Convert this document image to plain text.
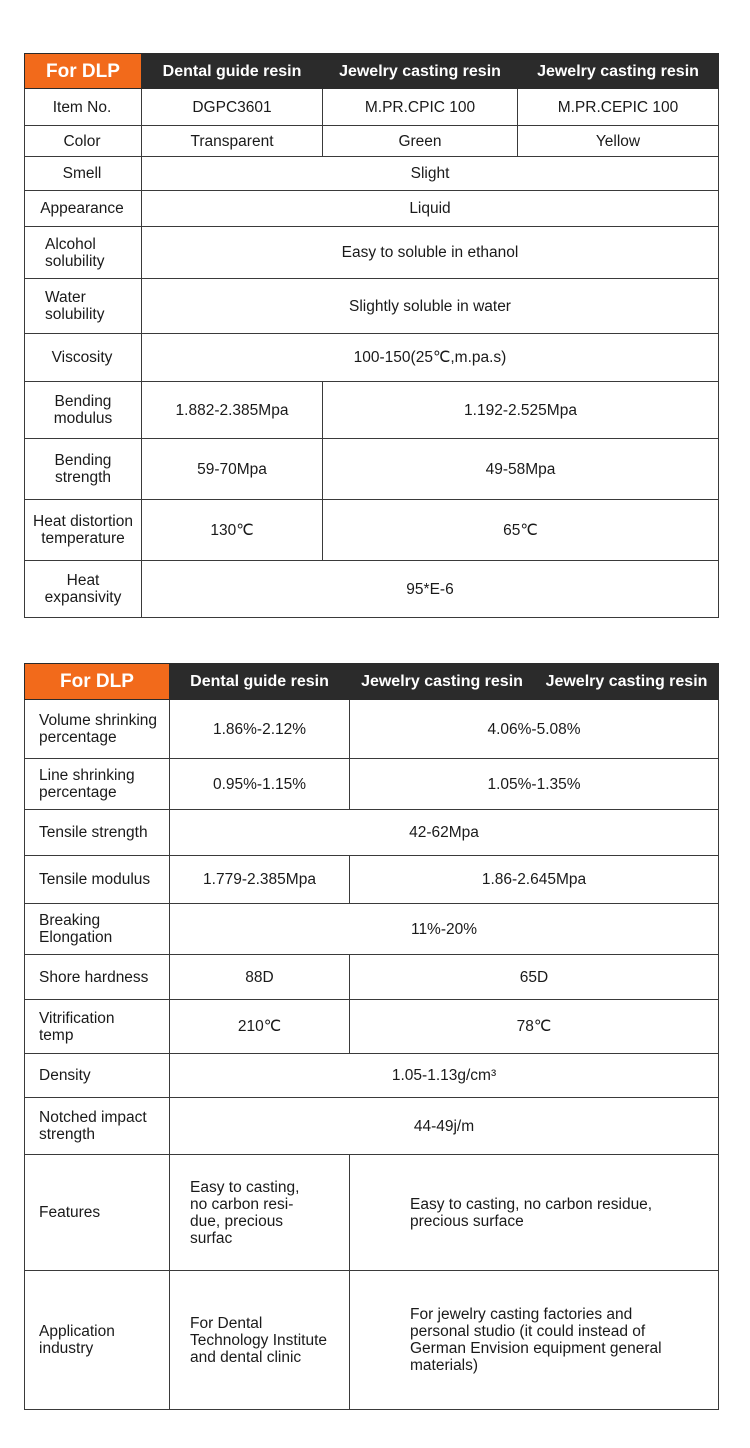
For DLP	Dental guide resin	Jewelry casting resin	Jewelry casting resin
Item No.	DGPC3601	M.PR.CPIC 100	M.PR.CEPIC 100
Color	Transparent	Green	Yellow
Smell	Slight		
Appearance	Liquid		
Alcohol solubility	Easy to soluble in ethanol		
Water solubility	Slightly soluble in water		
Viscosity	100-150(25℃,m.pa.s)		
Bending modulus	1.882-2.385Mpa	1.192-2.525Mpa	
Bending strength	59-70Mpa	49-58Mpa	
Heat distortion temperature	130℃	65℃	
Heat expansivity	95*E-6		
For DLP	Dental guide resin	Jewelry casting resin	Jewelry casting resin
Volume shrinking percentage	1.86%-2.12%	4.06%-5.08%	
Line shrinking percentage	0.95%-1.15%	1.05%-1.35%	
Tensile strength	42-62Mpa		
Tensile modulus	1.779-2.385Mpa	1.86-2.645Mpa	
Breaking Elongation	11%-20%		
Shore hardness	88D	65D	
Vitrification temp	210℃	78℃	
Density	1.05-1.13g/cm³		
Notched impact strength	44-49j/m		
Features	Easy to casting, no carbon resi-due, precious surfac	Easy to casting, no carbon residue, precious surface	
Application industry	For Dental Technology Institute and dental clinic	For jewelry casting factories and personal studio (it could instead of German Envision equipment general materials)	
